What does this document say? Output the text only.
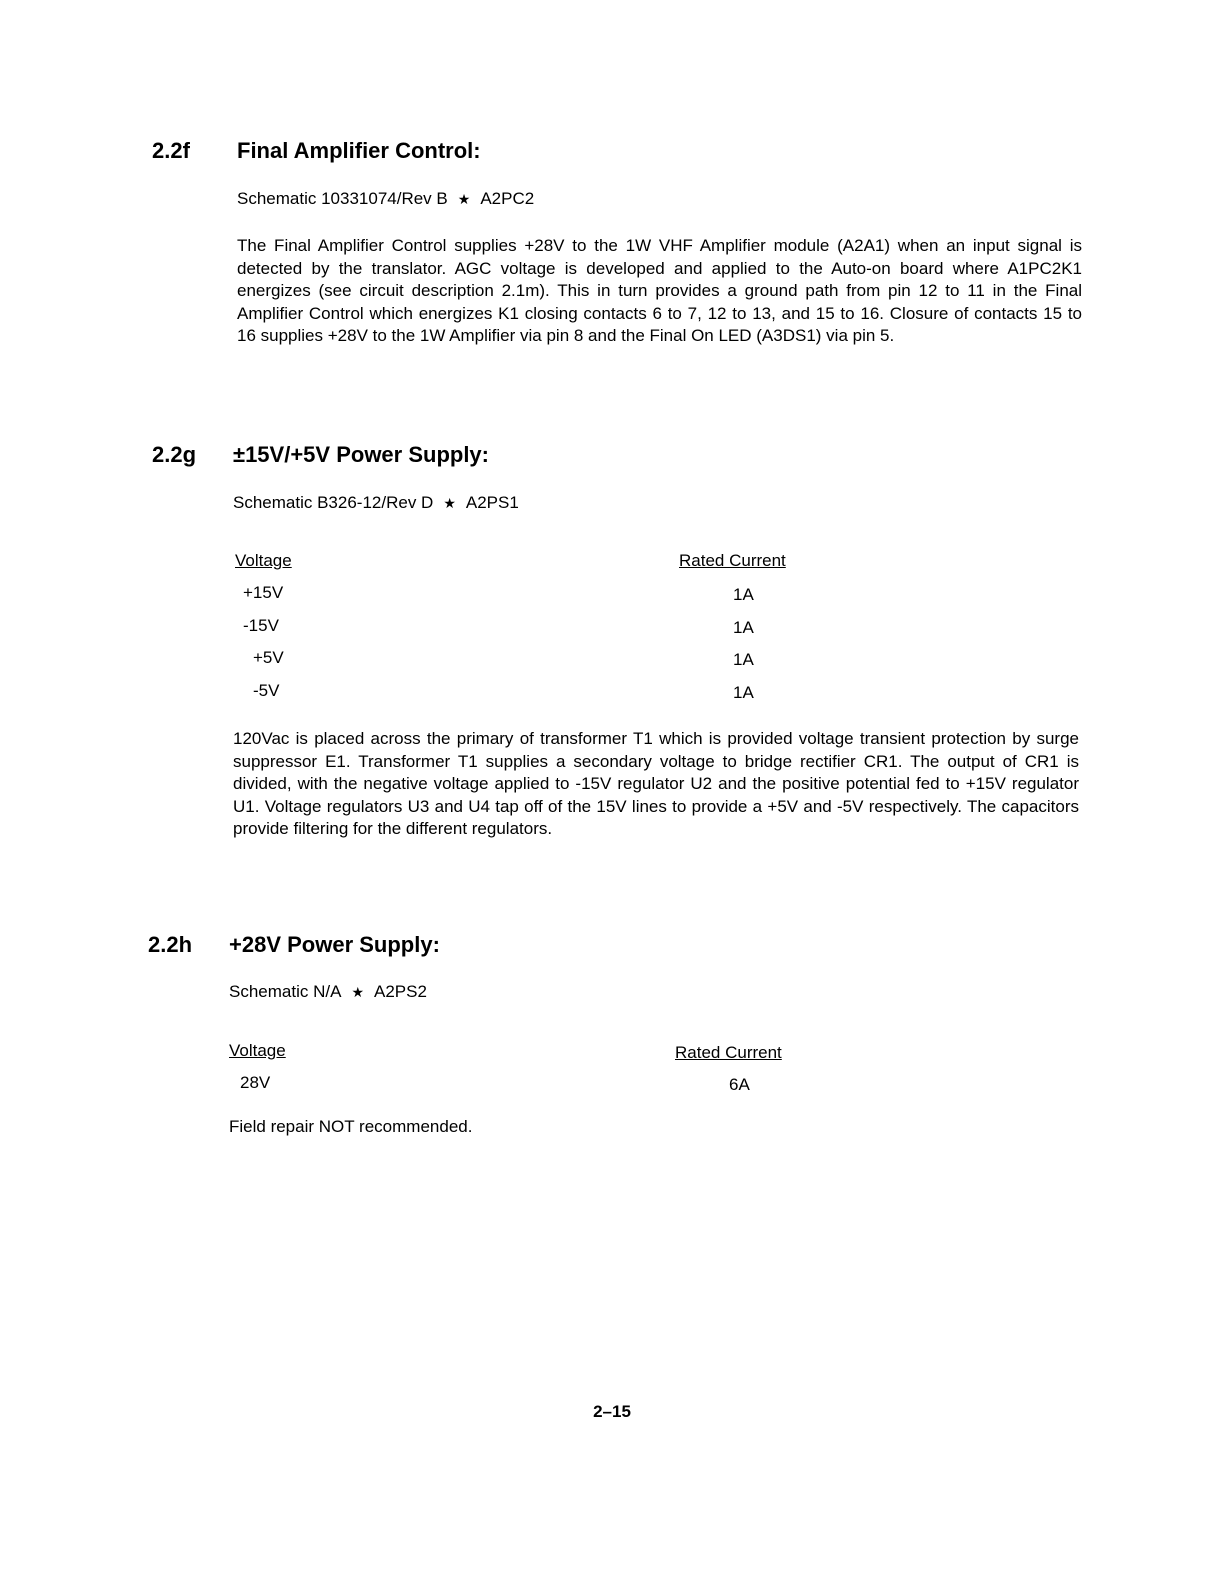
2.2f Final Amplifier Control:
Schematic 10331074/Rev B ★ A2PC2
The Final Amplifier Control supplies +28V to the 1W VHF Amplifier module (A2A1) when an input signal is detected by the translator. AGC voltage is developed and applied to the Auto-on board where A1PC2K1 energizes (see circuit description 2.1m). This in turn provides a ground path from pin 12 to 11 in the Final Amplifier Control which energizes K1 closing contacts 6 to 7, 12 to 13, and 15 to 16. Closure of contacts 15 to 16 supplies +28V to the 1W Amplifier via pin 8 and the Final On LED (A3DS1) via pin 5.
2.2g ±15V/+5V Power Supply:
Schematic B326-12/Rev D ★ A2PS1
Voltage	Rated Current
+15V	1A
-15V	1A
+5V	1A
-5V	1A
120Vac is placed across the primary of transformer T1 which is provided voltage transient protection by surge suppressor E1. Transformer T1 supplies a secondary voltage to bridge rectifier CR1. The output of CR1 is divided, with the negative voltage applied to -15V regulator U2 and the positive potential fed to +15V regulator U1. Voltage regulators U3 and U4 tap off of the 15V lines to provide a +5V and -5V respectively. The capacitors provide filtering for the different regulators.
2.2h +28V Power Supply:
Schematic N/A ★ A2PS2
Voltage	Rated Current
28V	6A
Field repair NOT recommended.
2–15
